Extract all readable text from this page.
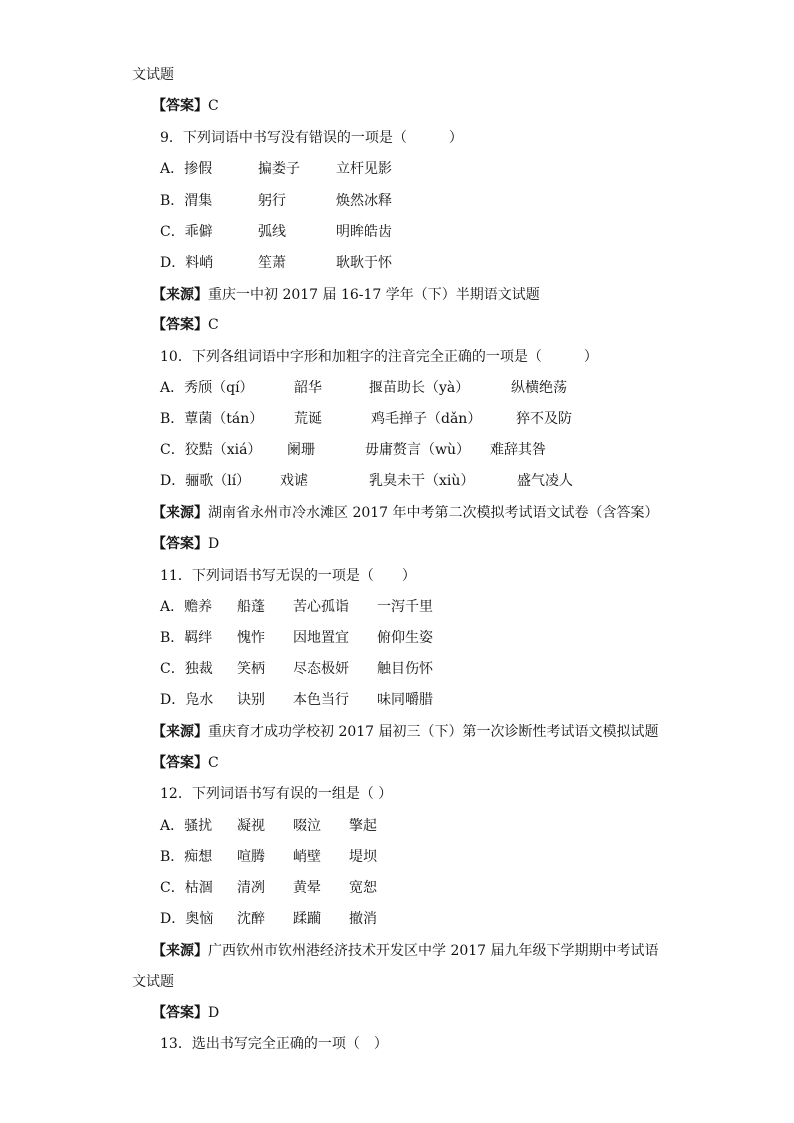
文试题
【答案】C
9．下列词语中书写没有错误的一项是（　　　）
A．掺假	揙娄子	立杆见影
B．渭集	躬行	焕然冰释
C．乖僻	弧线	明眸皓齿
D．料峭	笙萧	耿耿于怀
【来源】重庆一中初 2017 届 16-17 学年（下）半期语文试题
【答案】C
10．下列各组词语中字形和加粗字的注音完全正确的一项是（　　　）
A．秀颀（qí）	韶华	揠苗助长（yà）	纵横绝荡
B．蕈菌（tán） 荒诞	鸡毛掸子（dǎn） 猝不及防
C．狡黠（xiá） 阑珊	毋庸赘言（wù） 难辞其咎
D．骊歌（lí） 戏谑	乳臭未干（xiù）	盛气凌人
【来源】湖南省永州市冷水滩区 2017 年中考第二次模拟考试语文试卷（含答案）
【答案】D
11．下列词语书写无误的一项是（　　）
A．赡养 船蓬 苦心孤诣 一泻千里
B．羁绊 愧怍 因地置宜 俯仰生姿
C．独裁 笑柄 尽态极妍 触目伤怀
D．凫水 诀别 本色当行 味同嚼腊
【来源】重庆育才成功学校初 2017 届初三（下）第一次诊断性考试语文模拟试题
【答案】C
12．下列词语书写有误的一组是（ ）
A．骚扰 凝视 啜泣 擎起
B．痴想 喧腾 峭壁 堤坝
C．枯涸 清冽 黄晕 宽恕
D．奥恼 沈醉 蹂躏 撤消
【来源】广西钦州市钦州港经济技术开发区中学 2017 届九年级下学期期中考试语
文试题
【答案】D
13．选出书写完全正确的一项（　）
